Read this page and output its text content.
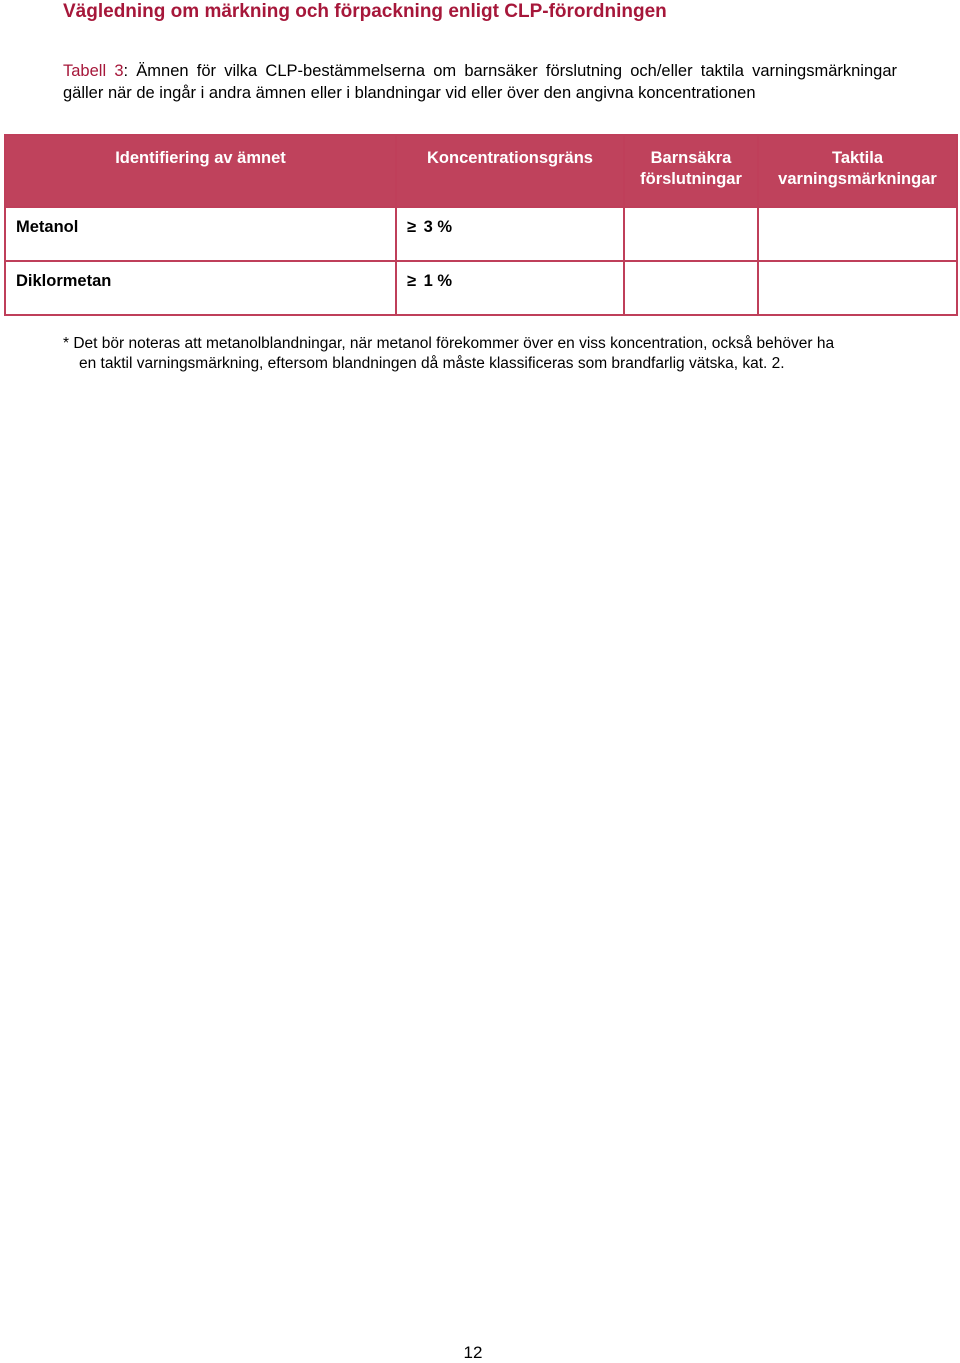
Vägledning om märkning och förpackning enligt CLP-förordningen
Tabell 3: Ämnen för vilka CLP-bestämmelserna om barnsäker förslutning och/eller taktila varningsmärkningar gäller när de ingår i andra ämnen eller i blandningar vid eller över den angivna koncentrationen
Identifiering av ämnet	Koncentrationsgräns	Barnsäkra förslutningar	Taktila varningsmärkningar
Metanol	≥ 3 %		
Diklormetan	≥ 1 %		
* Det bör noteras att metanolblandningar, när metanol förekommer över en viss koncentration, också behöver ha
en taktil varningsmärkning, eftersom blandningen då måste klassificeras som brandfarlig vätska, kat. 2.
12
